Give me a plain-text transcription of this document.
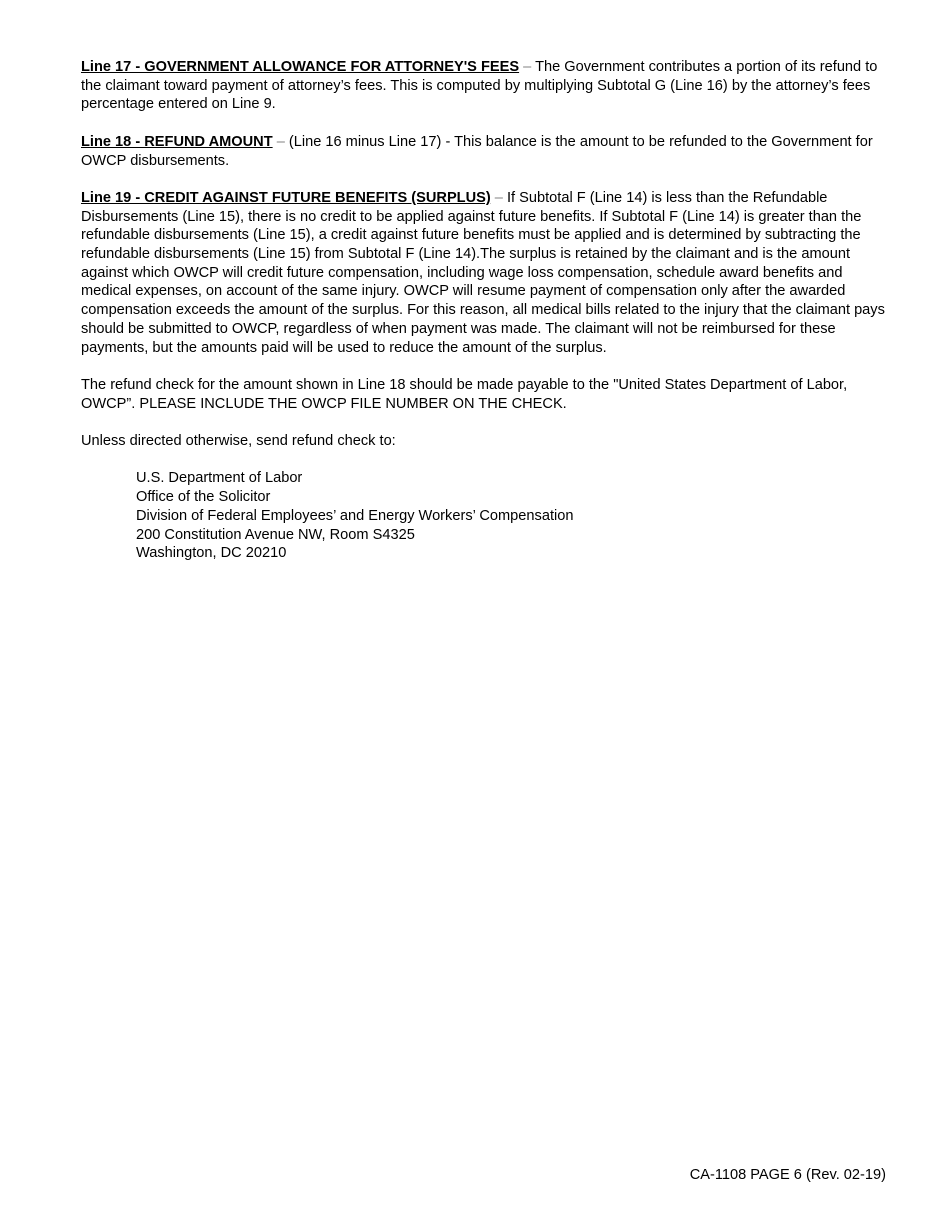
Line 17 - GOVERNMENT ALLOWANCE FOR ATTORNEY'S FEES – The Government contributes a portion of its refund to the claimant toward payment of attorney’s fees. This is computed by multiplying Subtotal G (Line 16) by the attorney’s fees percentage entered on Line 9.

Line 18 - REFUND AMOUNT – (Line 16 minus Line 17) - This balance is the amount to be refunded to the Government for OWCP disbursements.

Line 19 - CREDIT AGAINST FUTURE BENEFITS (SURPLUS) – If Subtotal F (Line 14) is less than the Refundable Disbursements (Line 15), there is no credit to be applied against future benefits. If Subtotal F (Line 14) is greater than the refundable disbursements (Line 15), a credit against future benefits must be applied and is determined by subtracting the refundable disbursements (Line 15) from Subtotal F (Line 14).The surplus is retained by the claimant and is the amount against which OWCP will credit future compensation, including wage loss compensation, schedule award benefits and medical expenses, on account of the same injury. OWCP will resume payment of compensation only after the awarded compensation exceeds the amount of the surplus. For this reason, all medical bills related to the injury that the claimant pays should be submitted to OWCP, regardless of when payment was made. The claimant will not be reimbursed for these payments, but the amounts paid will be used to reduce the amount of the surplus.

The refund check for the amount shown in Line 18 should be made payable to the "United States Department of Labor, OWCP”. PLEASE INCLUDE THE OWCP FILE NUMBER ON THE CHECK.

Unless directed otherwise, send refund check to:

U.S. Department of Labor
Office of the Solicitor
Division of Federal Employees’ and Energy Workers’ Compensation
200 Constitution Avenue NW, Room S4325
Washington, DC 20210
CA-1108 PAGE 6 (Rev. 02-19)
